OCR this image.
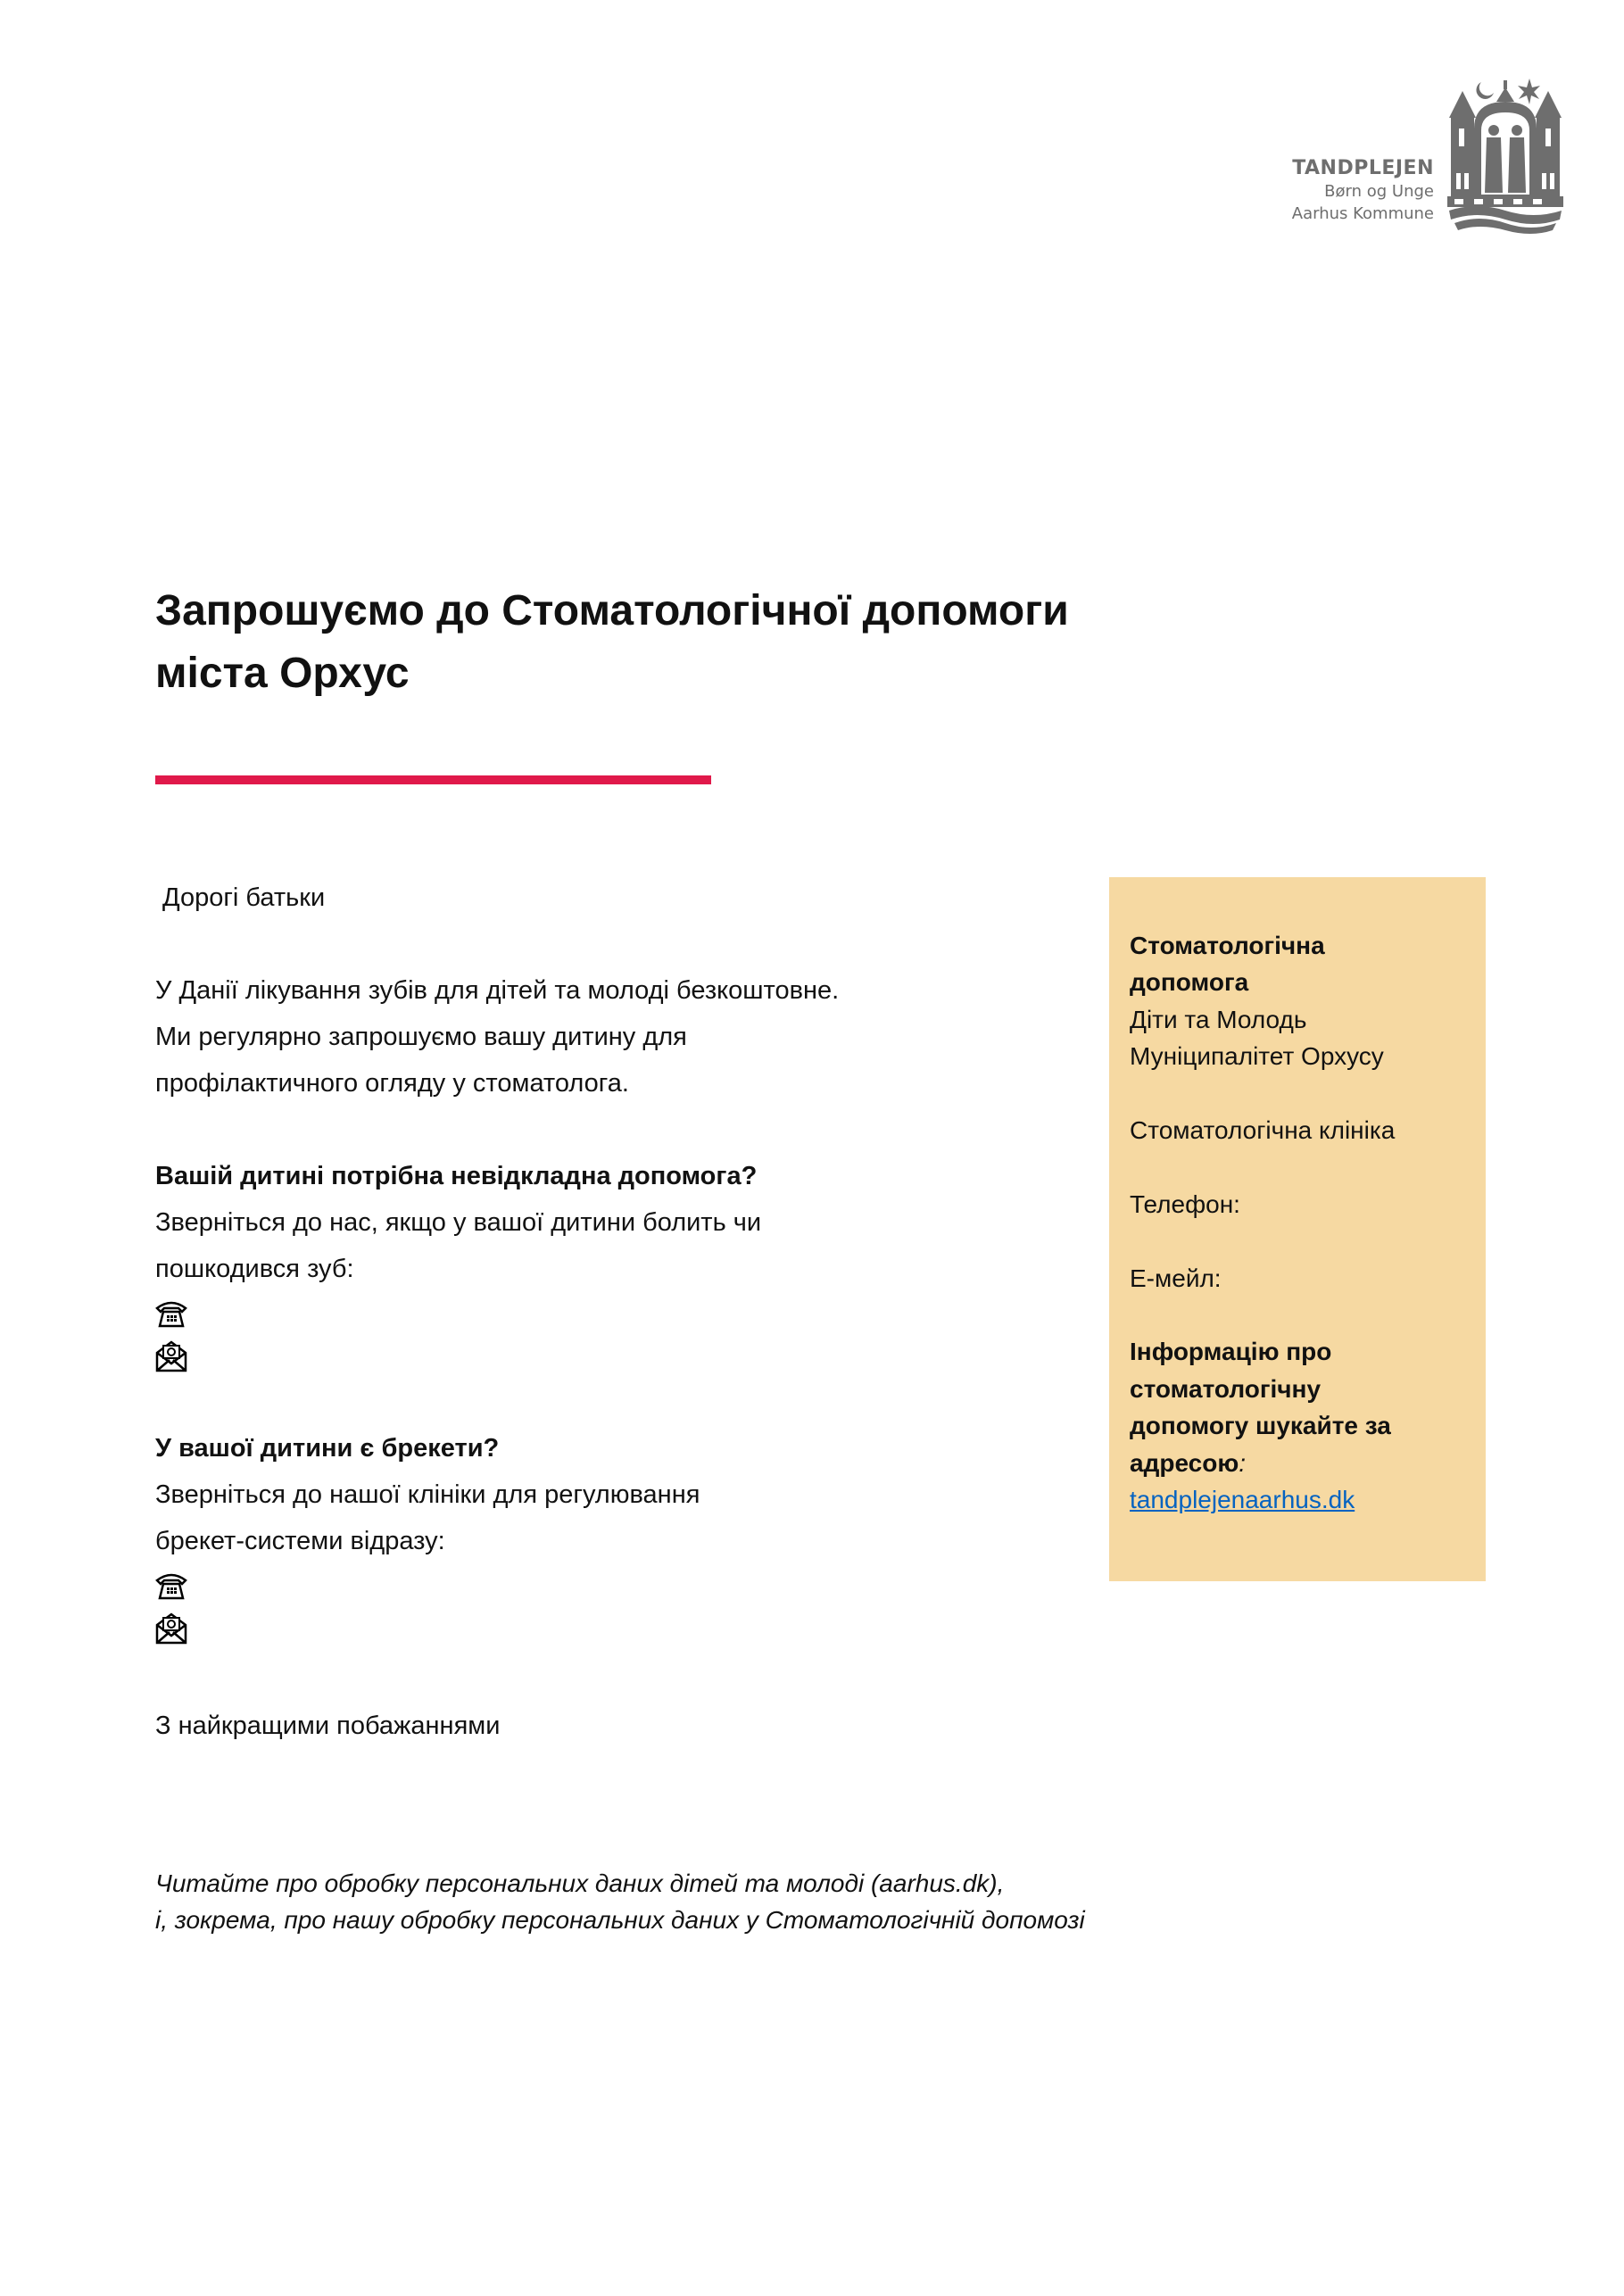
TANDPLEJEN
Børn og Unge
Aarhus Kommune
Запрошуємо до Стоматологічної допомоги
міста Орхус
Дорогі батьки
У Данії лікування зубів для дітей та молоді безкоштовне.
Ми регулярно запрошуємо вашу дитину для
профілактичного огляду у стоматолога.
Вашій дитині потрібна невідкладна допомога?
Зверніться до нас, якщо у вашої дитини болить чи
пошкодився зуб:
У вашої дитини є брекети?
Зверніться до нашої клініки для регулювання
брекет-системи відразу:
З найкращими побажаннями
Стоматологічна
допомога
Діти та Молодь
Муніципалітет Орхусу
Стоматологічна клініка
Телефон:
Е-мейл:
Інформацію про
стоматологічну
допомогу шукайте за
адресою:
tandplejenaarhus.dk
Читайте про обробку персональних даних дітей та молоді (aarhus.dk),
і, зокрема, про нашу обробку персональних даних у Стоматологічній допомозі
